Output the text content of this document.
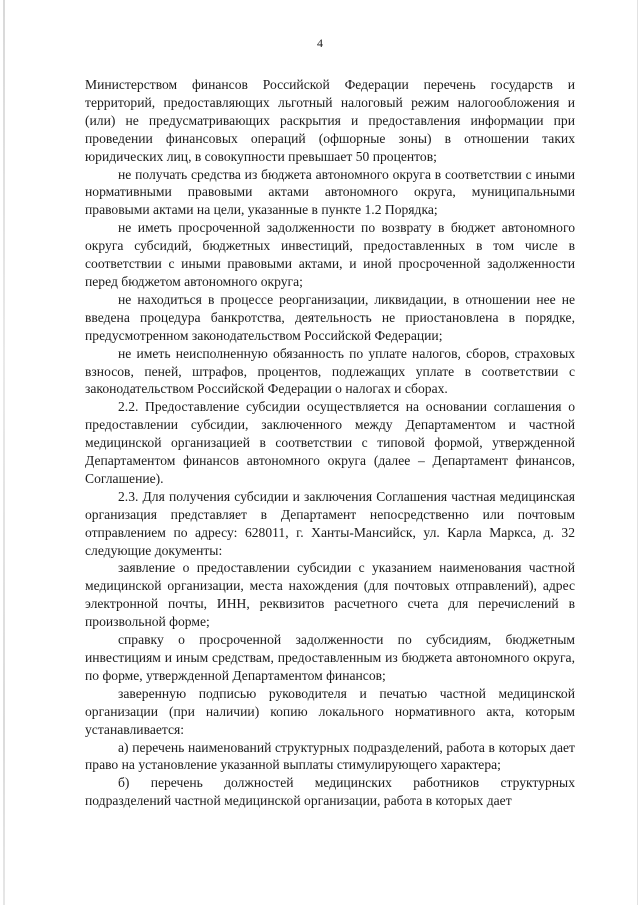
4

Министерством финансов Российской Федерации перечень государств и территорий, предоставляющих льготный налоговый режим налогообложения и (или) не предусматривающих раскрытия и предоставления информации при проведении финансовых операций (офшорные зоны) в отношении таких юридических лиц, в совокупности превышает 50 процентов;

не получать средства из бюджета автономного округа в соответствии с иными нормативными правовыми актами автономного округа, муниципальными правовыми актами на цели, указанные в пункте 1.2 Порядка;

не иметь просроченной задолженности по возврату в бюджет автономного округа субсидий, бюджетных инвестиций, предоставленных в том числе в соответствии с иными правовыми актами, и иной просроченной задолженности перед бюджетом автономного округа;

не находиться в процессе реорганизации, ликвидации, в отношении нее не введена процедура банкротства, деятельность не приостановлена в порядке, предусмотренном законодательством Российской Федерации;

не иметь неисполненную обязанность по уплате налогов, сборов, страховых взносов, пеней, штрафов, процентов, подлежащих уплате в соответствии с законодательством Российской Федерации о налогах и сборах.

2.2. Предоставление субсидии осуществляется на основании соглашения о предоставлении субсидии, заключенного между Департаментом и частной медицинской организацией в соответствии с типовой формой, утвержденной Департаментом финансов автономного округа (далее – Департамент финансов, Соглашение).

2.3. Для получения субсидии и заключения Соглашения частная медицинская организация представляет в Департамент непосредственно или почтовым отправлением по адресу: 628011, г. Ханты-Мансийск, ул. Карла Маркса, д. 32 следующие документы:

заявление о предоставлении субсидии с указанием наименования частной медицинской организации, места нахождения (для почтовых отправлений), адрес электронной почты, ИНН, реквизитов расчетного счета для перечислений в произвольной форме;

справку о просроченной задолженности по субсидиям, бюджетным инвестициям и иным средствам, предоставленным из бюджета автономного округа, по форме, утвержденной Департаментом финансов;

заверенную подписью руководителя и печатью частной медицинской организации (при наличии) копию локального нормативного акта, которым устанавливается:

а) перечень наименований структурных подразделений, работа в которых дает право на установление указанной выплаты стимулирующего характера;

б) перечень должностей медицинских работников структурных подразделений частной медицинской организации, работа в которых дает
